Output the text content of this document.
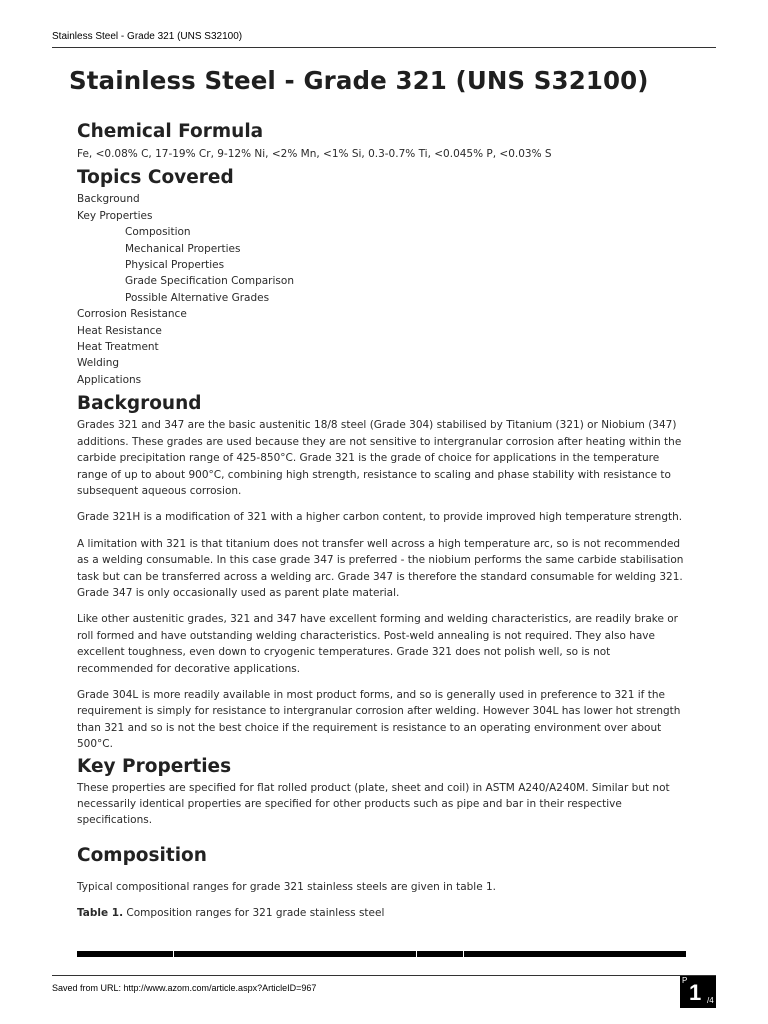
Stainless Steel - Grade 321 (UNS S32100)
Stainless Steel - Grade 321 (UNS S32100)
Chemical Formula

Fe, <0.08% C, 17-19% Cr, 9-12% Ni, <2% Mn, <1% Si, 0.3-0.7% Ti, <0.045% P, <0.03% S

Topics Covered
Background
Key Properties
Composition
Mechanical Properties
Physical Properties
Grade Specification Comparison
Possible Alternative Grades
Corrosion Resistance
Heat Resistance
Heat Treatment
Welding
Applications
Background

Grades 321 and 347 are the basic austenitic 18/8 steel (Grade 304) stabilised by Titanium (321) or Niobium (347) additions. These grades are used because they are not sensitive to intergranular corrosion after heating within the carbide precipitation range of 425-850°C. Grade 321 is the grade of choice for applications in the temperature range of up to about 900°C, combining high strength, resistance to scaling and phase stability with resistance to subsequent aqueous corrosion.

Grade 321H is a modification of 321 with a higher carbon content, to provide improved high temperature strength.

A limitation with 321 is that titanium does not transfer well across a high temperature arc, so is not recommended as a welding consumable. In this case grade 347 is preferred - the niobium performs the same carbide stabilisation task but can be transferred across a welding arc. Grade 347 is therefore the standard consumable for welding 321. Grade 347 is only occasionally used as parent plate material.

Like other austenitic grades, 321 and 347 have excellent forming and welding characteristics, are readily brake or roll formed and have outstanding welding characteristics. Post-weld annealing is not required. They also have excellent toughness, even down to cryogenic temperatures. Grade 321 does not polish well, so is not recommended for decorative applications.

Grade 304L is more readily available in most product forms, and so is generally used in preference to 321 if the requirement is simply for resistance to intergranular corrosion after welding. However 304L has lower hot strength than 321 and so is not the best choice if the requirement is resistance to an operating environment over about 500°C.

Key Properties

These properties are specified for flat rolled product (plate, sheet and coil) in ASTM A240/A240M. Similar but not necessarily identical properties are specified for other products such as pipe and bar in their respective specifications.

Composition

Typical compositional ranges for grade 321 stainless steels are given in table 1.

Table 1. Composition ranges for 321 grade stainless steel

Saved from URL: http://www.azom.com/article.aspx?ArticleID=967
P 1 /4
